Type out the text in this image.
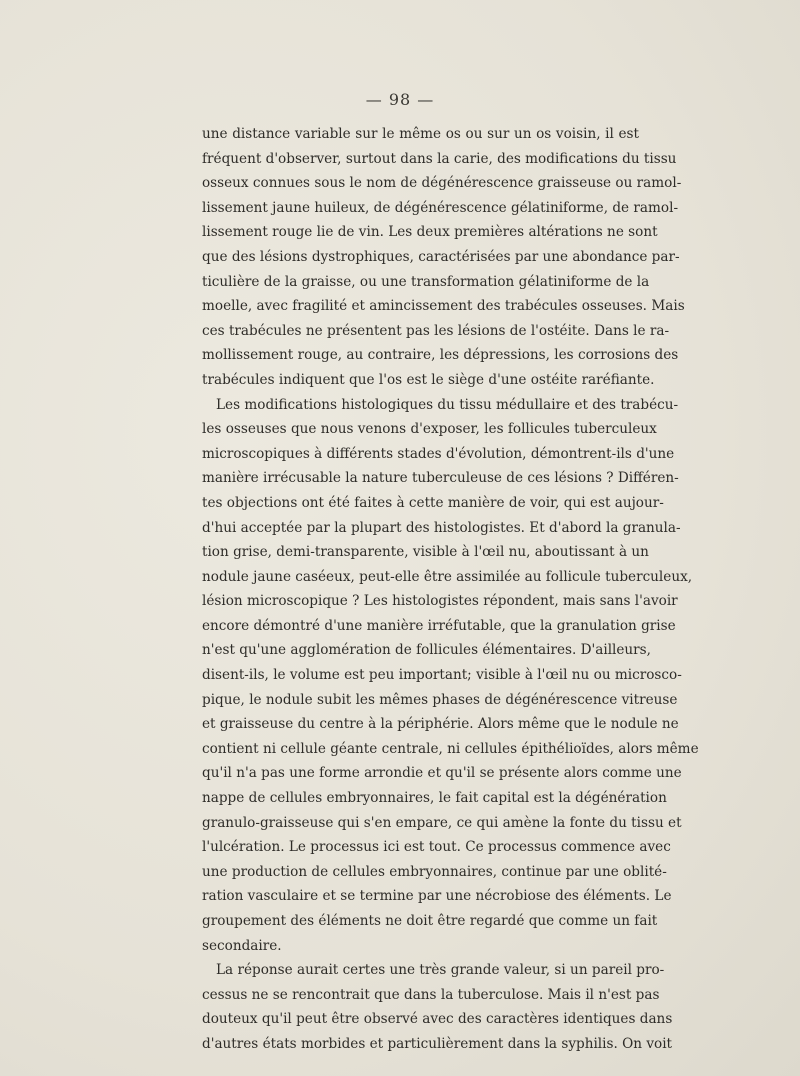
— 98 —
une distance variable sur le même os ou sur un os voisin, il est
fréquent d'observer, surtout dans la carie, des modifications du tissu
osseux connues sous le nom de dégénérescence graisseuse ou ramol-
lissement jaune huileux, de dégénérescence gélatiniforme, de ramol-
lissement rouge lie de vin. Les deux premières altérations ne sont
que des lésions dystrophiques, caractérisées par une abondance par-
ticulière de la graisse, ou une transformation gélatiniforme de la
moelle, avec fragilité et amincissement des trabécules osseuses. Mais
ces trabécules ne présentent pas les lésions de l'ostéite. Dans le ra-
mollissement rouge, au contraire, les dépressions, les corrosions des
trabécules indiquent que l'os est le siège d'une ostéite raréfiante.
Les modifications histologiques du tissu médullaire et des trabécu-
les osseuses que nous venons d'exposer, les follicules tuberculeux
microscopiques à différents stades d'évolution, démontrent-ils d'une
manière irrécusable la nature tuberculeuse de ces lésions ? Différen-
tes objections ont été faites à cette manière de voir, qui est aujour-
d'hui acceptée par la plupart des histologistes. Et d'abord la granula-
tion grise, demi-transparente, visible à l'œil nu, aboutissant à un
nodule jaune caséeux, peut-elle être assimilée au follicule tuberculeux,
lésion microscopique ? Les histologistes répondent, mais sans l'avoir
encore démontré d'une manière irréfutable, que la granulation grise
n'est qu'une agglomération de follicules élémentaires. D'ailleurs,
disent-ils, le volume est peu important; visible à l'œil nu ou microsco-
pique, le nodule subit les mêmes phases de dégénérescence vitreuse
et graisseuse du centre à la périphérie. Alors même que le nodule ne
contient ni cellule géante centrale, ni cellules épithélioïdes, alors même
qu'il n'a pas une forme arrondie et qu'il se présente alors comme une
nappe de cellules embryonnaires, le fait capital est la dégénération
granulo-graisseuse qui s'en empare, ce qui amène la fonte du tissu et
l'ulcération. Le processus ici est tout. Ce processus commence avec
une production de cellules embryonnaires, continue par une oblité-
ration vasculaire et se termine par une nécrobiose des éléments. Le
groupement des éléments ne doit être regardé que comme un fait
secondaire.
La réponse aurait certes une très grande valeur, si un pareil pro-
cessus ne se rencontrait que dans la tuberculose. Mais il n'est pas
douteux qu'il peut être observé avec des caractères identiques dans
d'autres états morbides et particulièrement dans la syphilis. On voit
